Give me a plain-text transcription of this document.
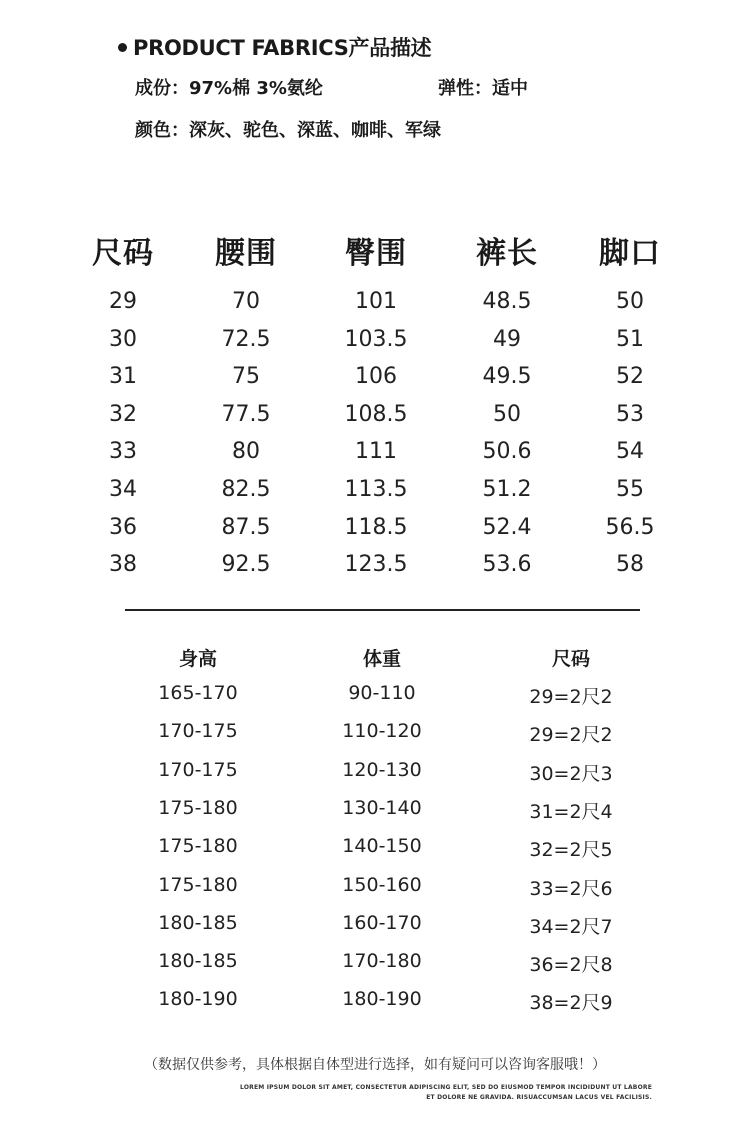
PRODUCT FABRICS产品描述
成份：97%棉 3%氨纶	弹性：适中
颜色：深灰、驼色、深蓝、咖啡、军绿
尺码 腰围 臀围 裤长 脚口
29	70	101	48.5	50
30	72.5	103.5	49	51
31	75	106	49.5	52
32	77.5	108.5	50	53
33	80	111	50.6	54
34	82.5	113.5	51.2	55
36	87.5	118.5	52.4	56.5
38	92.5	123.5	53.6	58
身高	体重	尺码
165-170	90-110	29=2尺2
170-175	110-120	29=2尺2
170-175	120-130	30=2尺3
175-180	130-140	31=2尺4
175-180	140-150	32=2尺5
175-180	150-160	33=2尺6
180-185	160-170	34=2尺7
180-185	170-180	36=2尺8
180-190	180-190	38=2尺9
（数据仅供参考，具体根据自体型进行选择，如有疑问可以咨询客服哦！）
LOREM IPSUM DOLOR SIT AMET, CONSECTETUR ADIPISCING ELIT, SED DO EIUSMOD TEMPOR INCIDIDUNT UT LABORE
ET DOLORE NE GRAVIDA. RISUACCUMSAN LACUS VEL FACILISIS.
